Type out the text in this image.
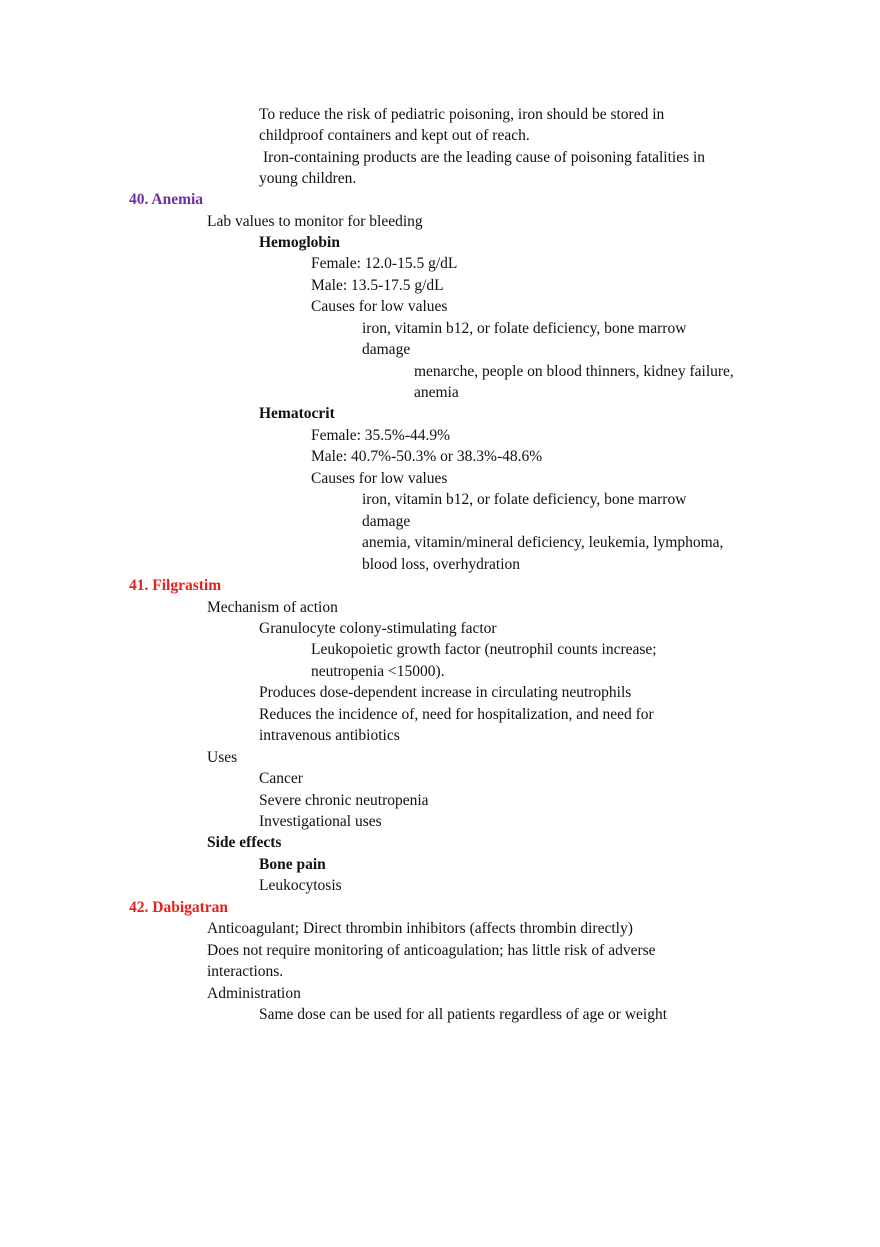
To reduce the risk of pediatric poisoning, iron should be stored in
childproof containers and kept out of reach.
Iron-containing products are the leading cause of poisoning fatalities in
young children.
40. Anemia
Lab values to monitor for bleeding
Hemoglobin
Female: 12.0-15.5 g/dL
Male: 13.5-17.5 g/dL
Causes for low values
iron, vitamin b12, or folate deficiency, bone marrow
damage
menarche, people on blood thinners, kidney failure,
anemia
Hematocrit
Female: 35.5%-44.9%
Male: 40.7%-50.3% or 38.3%-48.6%
Causes for low values
iron, vitamin b12, or folate deficiency, bone marrow
damage
anemia, vitamin/mineral deficiency, leukemia, lymphoma,
blood loss, overhydration
41. Filgrastim
Mechanism of action
Granulocyte colony-stimulating factor
Leukopoietic growth factor (neutrophil counts increase;
neutropenia <15000).
Produces dose-dependent increase in circulating neutrophils
Reduces the incidence of, need for hospitalization, and need for
intravenous antibiotics
Uses
Cancer
Severe chronic neutropenia
Investigational uses
Side effects
Bone pain
Leukocytosis
42. Dabigatran
Anticoagulant; Direct thrombin inhibitors (affects thrombin directly)
Does not require monitoring of anticoagulation; has little risk of adverse
interactions.
Administration
Same dose can be used for all patients regardless of age or weight
